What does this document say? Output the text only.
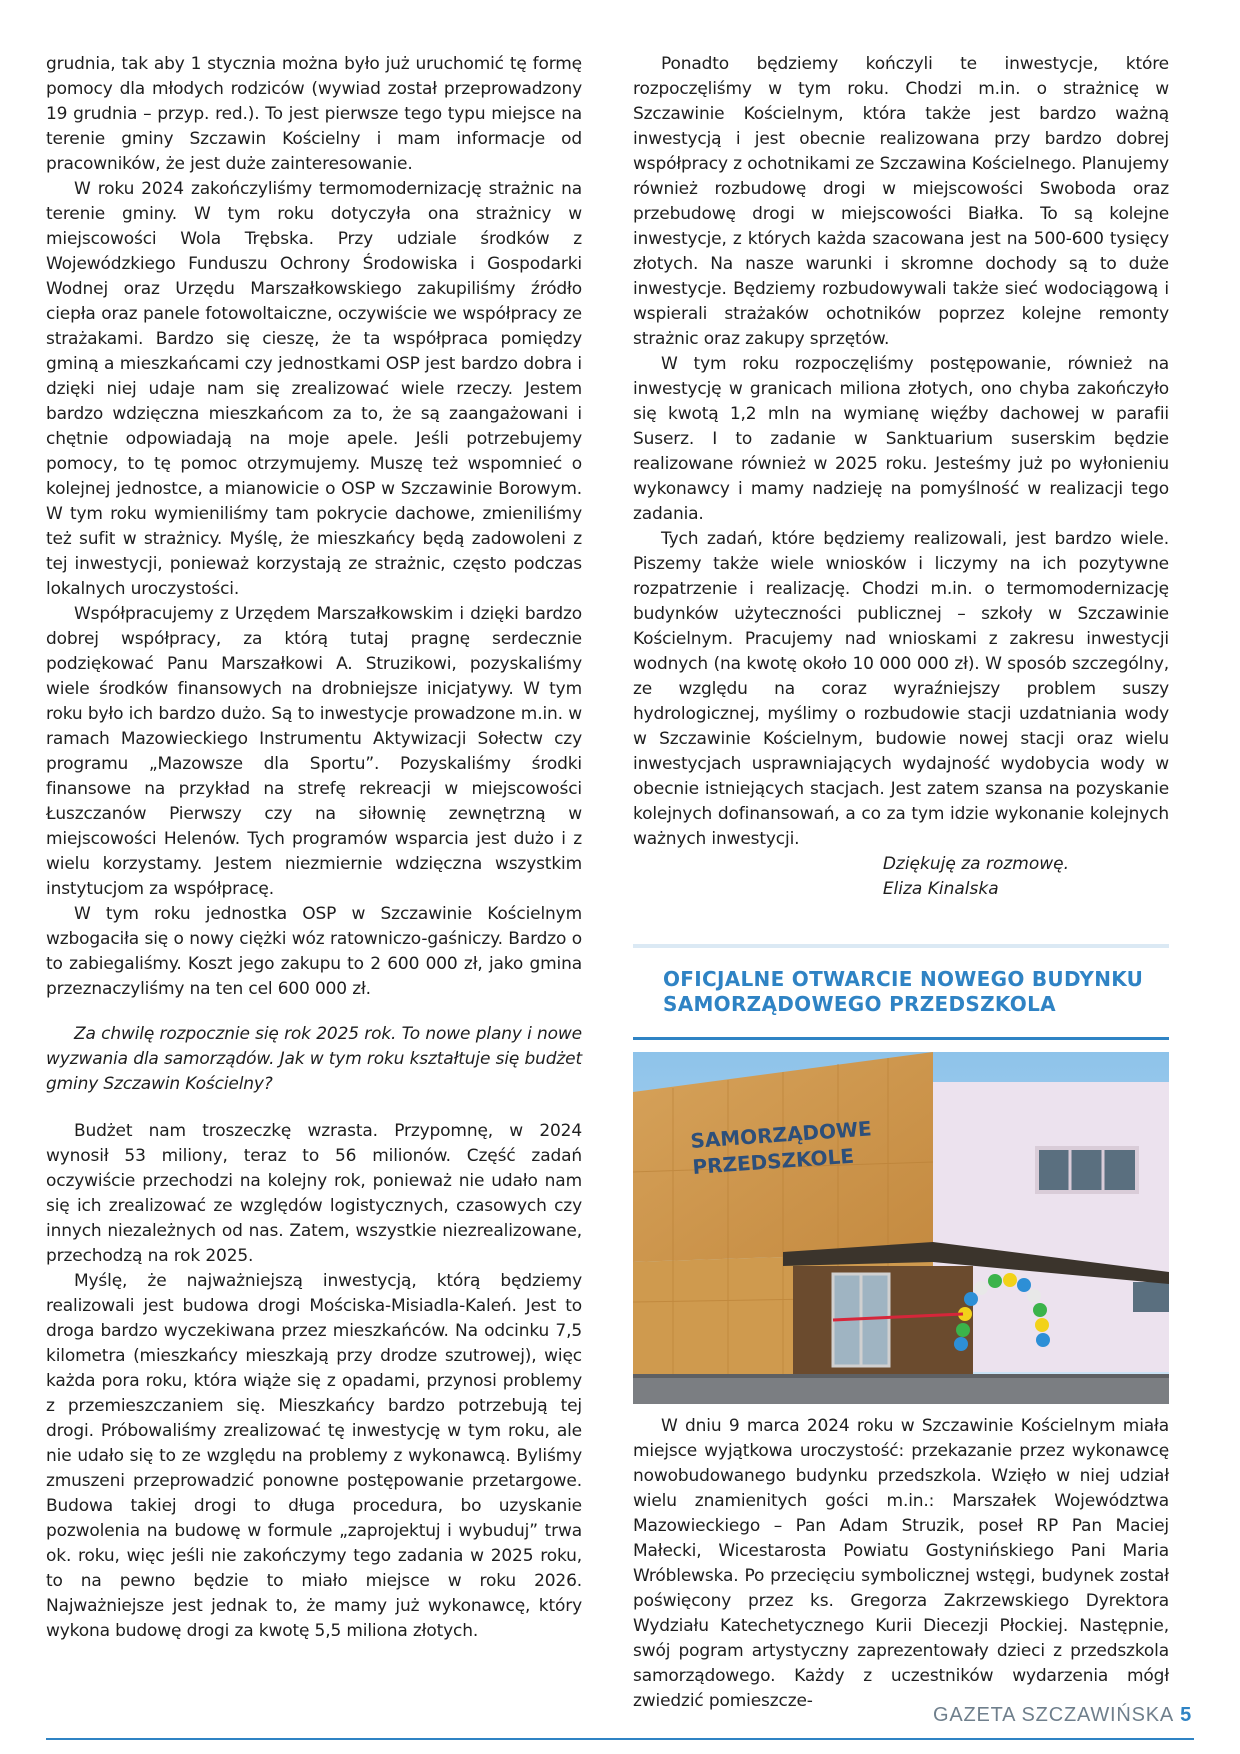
grudnia, tak aby 1 stycznia można było już uruchomić tę formę pomocy dla młodych rodziców (wywiad został przeprowadzony 19 grudnia – przyp. red.). To jest pierwsze tego typu miejsce na terenie gminy Szczawin Kościelny i mam informacje od pracowników, że jest duże zainteresowanie.

W roku 2024 zakończyliśmy termomodernizację strażnic na terenie gminy. W tym roku dotyczyła ona strażnicy w miejscowości Wola Trębska. Przy udziale środków z Wojewódzkiego Funduszu Ochrony Środowiska i Gospodarki Wodnej oraz Urzędu Marszałkowskiego zakupiliśmy źródło ciepła oraz panele fotowoltaiczne, oczywiście we współpracy ze strażakami. Bardzo się cieszę, że ta współpraca pomiędzy gminą a mieszkańcami czy jednostkami OSP jest bardzo dobra i dzięki niej udaje nam się zrealizować wiele rzeczy. Jestem bardzo wdzięczna mieszkańcom za to, że są zaangażowani i chętnie odpowiadają na moje apele. Jeśli potrzebujemy pomocy, to tę pomoc otrzymujemy. Muszę też wspomnieć o kolejnej jednostce, a mianowicie o OSP w Szczawinie Borowym. W tym roku wymieniliśmy tam pokrycie dachowe, zmieniliśmy też sufit w strażnicy. Myślę, że mieszkańcy będą zadowoleni z tej inwestycji, ponieważ korzystają ze strażnic, często podczas lokalnych uroczystości.

Współpracujemy z Urzędem Marszałkowskim i dzięki bardzo dobrej współpracy, za którą tutaj pragnę serdecznie podziękować Panu Marszałkowi A. Struzikowi, pozyskaliśmy wiele środków finansowych na drobniejsze inicjatywy. W tym roku było ich bardzo dużo. Są to inwestycje prowadzone m.in. w ramach Mazowieckiego Instrumentu Aktywizacji Sołectw czy programu „Mazowsze dla Sportu”. Pozyskaliśmy środki finansowe na przykład na strefę rekreacji w miejscowości Łuszczanów Pierwszy czy na siłownię zewnętrzną w miejscowości Helenów. Tych programów wsparcia jest dużo i z wielu korzystamy. Jestem niezmiernie wdzięczna wszystkim instytucjom za współpracę.

W tym roku jednostka OSP w Szczawinie Kościelnym wzbogaciła się o nowy ciężki wóz ratowniczo-gaśniczy. Bardzo o to zabiegaliśmy. Koszt jego zakupu to 2 600 000 zł, jako gmina przeznaczyliśmy na ten cel 600 000 zł.

Za chwilę rozpocznie się rok 2025 rok. To nowe plany i nowe wyzwania dla samorządów. Jak w tym roku kształtuje się budżet gminy Szczawin Kościelny?

Budżet nam troszeczkę wzrasta. Przypomnę, w 2024 wynosił 53 miliony, teraz to 56 milionów. Część zadań oczywiście przechodzi na kolejny rok, ponieważ nie udało nam się ich zrealizować ze względów logistycznych, czasowych czy innych niezależnych od nas. Zatem, wszystkie niezrealizowane, przechodzą na rok 2025.

Myślę, że najważniejszą inwestycją, którą będziemy realizowali jest budowa drogi Mościska-Misiadla-Kaleń. Jest to droga bardzo wyczekiwana przez mieszkańców. Na odcinku 7,5 kilometra (mieszkańcy mieszkają przy drodze szutrowej), więc każda pora roku, która wiąże się z opadami, przynosi problemy z przemieszczaniem się. Mieszkańcy bardzo potrzebują tej drogi. Próbowaliśmy zrealizować tę inwestycję w tym roku, ale nie udało się to ze względu na problemy z wykonawcą. Byliśmy zmuszeni przeprowadzić ponowne postępowanie przetargowe. Budowa takiej drogi to długa procedura, bo uzyskanie pozwolenia na budowę w formule „zaprojektuj i wybuduj” trwa ok. roku, więc jeśli nie zakończymy tego zadania w 2025 roku, to na pewno będzie to miało miejsce w roku 2026. Najważniejsze jest jednak to, że mamy już wykonawcę, który wykona budowę drogi za kwotę 5,5 miliona złotych.

Ponadto będziemy kończyli te inwestycje, które rozpoczęliśmy w tym roku. Chodzi m.in. o strażnicę w Szczawinie Kościelnym, która także jest bardzo ważną inwestycją i jest obecnie realizowana przy bardzo dobrej współpracy z ochotnikami ze Szczawina Kościelnego. Planujemy również rozbudowę drogi w miejscowości Swoboda oraz przebudowę drogi w miejscowości Białka. To są kolejne inwestycje, z których każda szacowana jest na 500-600 tysięcy złotych. Na nasze warunki i skromne dochody są to duże inwestycje. Będziemy rozbudowywali także sieć wodociągową i wspierali strażaków ochotników poprzez kolejne remonty strażnic oraz zakupy sprzętów.

W tym roku rozpoczęliśmy postępowanie, również na inwestycję w granicach miliona złotych, ono chyba zakończyło się kwotą 1,2 mln na wymianę więźby dachowej w parafii Suserz. I to zadanie w Sanktuarium suserskim będzie realizowane również w 2025 roku. Jesteśmy już po wyłonieniu wykonawcy i mamy nadzieję na pomyślność w realizacji tego zadania.

Tych zadań, które będziemy realizowali, jest bardzo wiele. Piszemy także wiele wniosków i liczymy na ich pozytywne rozpatrzenie i realizację. Chodzi m.in. o termomodernizację budynków użyteczności publicznej – szkoły w Szczawinie Kościelnym. Pracujemy nad wnioskami z zakresu inwestycji wodnych (na kwotę około 10 000 000 zł). W sposób szczególny, ze względu na coraz wyraźniejszy problem suszy hydrologicznej, myślimy o rozbudowie stacji uzdatniania wody w Szczawinie Kościelnym, budowie nowej stacji oraz wielu inwestycjach usprawniających wydajność wydobycia wody w obecnie istniejących stacjach. Jest zatem szansa na pozyskanie kolejnych dofinansowań, a co za tym idzie wykonanie kolejnych ważnych inwestycji.

Dziękuję za rozmowę.
Eliza Kinalska
OFICJALNE OTWARCIE NOWEGO BUDYNKU
SAMORZĄDOWEGO PRZEDSZKOLA
SAMORZĄDOWE
PRZEDSZKOLE

W dniu 9 marca 2024 roku w Szczawinie Kościelnym miała miejsce wyjątkowa uroczystość: przekazanie przez wykonawcę nowobudowanego budynku przedszkola. Wzięło w niej udział wielu znamienitych gości m.in.: Marszałek Województwa Mazowieckiego – Pan Adam Struzik, poseł RP Pan Maciej Małecki, Wicestarosta Powiatu Gostynińskiego Pani Maria Wróblewska. Po przecięciu symbolicznej wstęgi, budynek został poświęcony przez ks. Gregorza Zakrzewskiego Dyrektora Wydziału Katechetycznego Kurii Diecezji Płockiej. Następnie, swój pogram artystyczny zaprezentowały dzieci z przedszkola samorządowego. Każdy z uczestników wydarzenia mógł zwiedzić pomieszcze-

GAZETA SZCZAWIŃSKA 5
